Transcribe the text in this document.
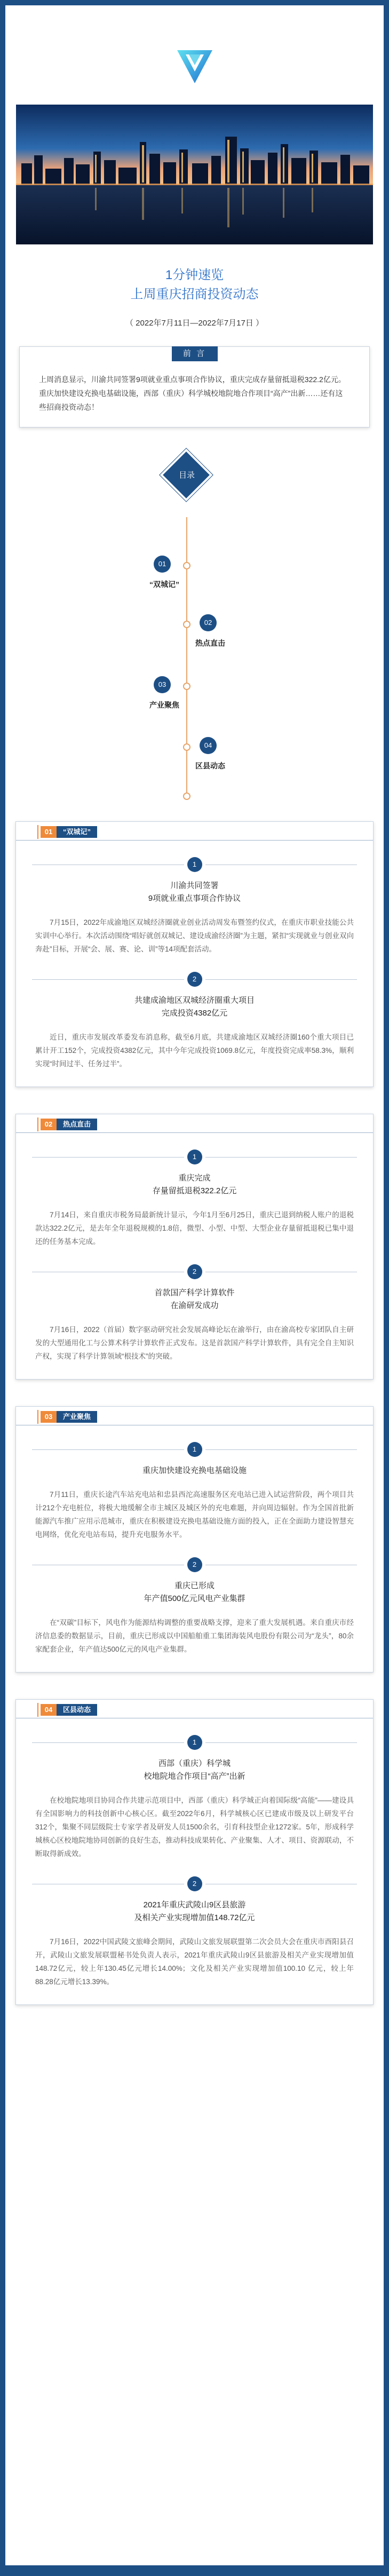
1分钟速览
上周重庆招商投资动态
（ 2022年7月11日—2022年7月17日 ）
前 言

上周消息显示，川渝共同签署9项就业重点事项合作协议，重庆完成存量留抵退税322.2亿元。重庆加快建设充换电基础设施，西部（重庆）科学城校地院地合作项目“高产”出新……还有这些招商投资动态！

目录
01
“双城记”
02
热点直击
03
产业聚焦
04
区县动态
01	“双城记”
1
川渝共同签署
9项就业重点事项合作协议
7月15日，2022年成渝地区双城经济圈就业创业活动周发布暨签约仪式，在重庆市职业技能公共实训中心举行。本次活动围绕“唱好就创双城记、建设成渝经济圈”为主题，紧扣“实现就业与创业双向奔赴”目标，开展“会、展、赛、论、训”等14项配套活动。
2
共建成渝地区双城经济圈重大项目
完成投资4382亿元
近日，重庆市发展改革委发布消息称，截至6月底，共建成渝地区双城经济圈160个重大项目已累计开工152个，完成投资4382亿元，其中今年完成投资1069.8亿元，年度投资完成率58.3%，顺利实现“时间过半、任务过半”。
02	热点直击
1
重庆完成
存量留抵退税322.2亿元
7月14日，来自重庆市税务局最新统计显示，今年1月至6月25日，重庆已退到纳税人账户的退税款达322.2亿元，是去年全年退税规模的1.8倍，微型、小型、中型、大型企业存量留抵退税已集中退还的任务基本完成。
2
首款国产科学计算软件
在渝研发成功
7月16日，2022（首届）数字驱动研究社会发展高峰论坛在渝举行，由在渝高校专家团队自主研发的大型通用化工与公算术科学计算软件正式发布。这是首款国产科学计算软件，具有完全自主知识产权，实现了科学计算领域“根技术”的突破。
03	产业聚焦
1
重庆加快建设充换电基础设施
7月11日，重庆长途汽车站充电站和忠县西沱高速服务区充电站已进入试运营阶段，两个项目共计212个充电桩位，将极大地缓解全市主城区及城区外的充电难题，并向周边辐射。作为全国首批新能源汽车推广应用示范城市，重庆在积极建设充换电基础设施方面的投入，正在全面助力建设智慧充电网络，优化充电站布局，提升充电服务水平。
2
重庆已形成
年产值500亿元风电产业集群
在“双碳”目标下，风电作为能源结构调整的重要战略支撑，迎来了重大发展机遇。来自重庆市经济信息委的数据显示，目前，重庆已形成以中国船舶重工集团海装风电股份有限公司为“龙头”，80余家配套企业，年产值达500亿元的风电产业集群。
04	区县动态
1
西部（重庆）科学城
校地院地合作项目“高产”出新
在校地院地项目协同合作共建示范项目中，西部（重庆）科学城正向着国际级“高能”——建设具有全国影响力的科技创新中心核心区。截至2022年6月，科学城核心区已建成市级及以上研发平台312个，集聚不同层级院士专家学者及研发人员1500余名，引育科技型企业1272家。5年，形成科学城核心区校地院地协同创新的良好生态，推动科技成果转化、产业聚集、人才、项目、资源联动，不断取得新成效。
2
2021年重庆武陵山9区县旅游
及相关产业实现增加值148.72亿元
7月16日，2022中国武陵文旅峰会期间，武陵山文旅发展联盟第二次会员大会在重庆市酉阳县召开，武陵山文旅发展联盟秘书处负责人表示，2021年重庆武陵山9区县旅游及相关产业实现增加值148.72亿元，较上年130.45亿元增长14.00%；文化及相关产业实现增加值100.10 亿元，较上年88.28亿元增长13.39%。
